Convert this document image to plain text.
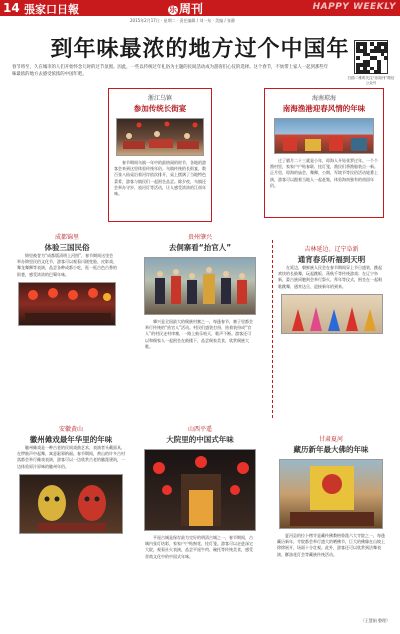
14 張家口日報	乐 周刊	HAPPY WEEKLY
2015年2月17日 · 星期二 · 责任编辑 / 刘一东 · 美编 / 张静
到年味最浓的地方过个中国年
春节将至，久在城市的人们开始怀念儿时的过节氛围。因此，一些以传统过年礼俗为主题的民间活动成为游客们心仪的选择。这个春节，不妨带上家人一起到那些年味最浓的地方去感受浓浓的中国年吧。
扫描二维码关注“乐周刊”微信公众号
浙江乌镇
参加传统长街宴
春节期间乌镇一年中的最热闹的时节，各地的游客会来到这里体验传统年俗。乌镇传统的长街宴，数百张八仙桌沿着河岸依次排开，桌上摆满了当地特色菜肴，游客与镇民们一起围坐品尝。除夕夜，乌镇还会举办守岁、放河灯等活动，让人感受浓浓的江南年味。
海南琼海
南海渔港迎春风情的年味
过了腊月二十三就是小年，琼海人开始张罗过年。一个个渔村里，家家户户贴春联、挂灯笼，渔民们将渔船装点一新。正月里，琼海的庙会、舞狮、公期、军坡节等民俗活动轮番上演，游客可以跟着当地人一起赶集，体验海南独有的南国年俗。
成都锦里
体验三国民俗
锦里被誉为“成都版清明上河图”，春节期间这里会举办锦里民俗文化节，游客可以观看川剧变脸、皮影戏、舞龙舞狮等表演，品尝各种成都小吃，逛一逛古色古香的街巷，感受浓浓的巴蜀年味。
贵州肇兴
去侗寨看“抬官人”
肇兴是全国最大的侗族村寨之一，每逢春节，寨子里都会举行传统的“抬官人”活动。村民们盛装打扮，抬着装扮成“官人”的村民走村串寨，一路上鼓乐喧天，歌声不断。游客还可以和侗家人一起围坐在鼓楼下，品尝侗家美食，欣赏侗族大歌。
吉林延边、辽宁阜新
通宵春乐听福到天明
在延边，朝鲜族人民会在春节期间穿上节日盛装，跳起欢快的长鼓舞，玩起跳板、荡秋千等传统游戏；在辽宁阜新，蒙古族同胞则会举行祭火、拜年等仪式，围坐在一起唱歌跳舞，通宵达旦，迎接新年的到来。
安徽黄山
徽州傩戏最年华里的年味
徽州傩戏是一种古老的民间戏曲艺术，表演者头戴面具，在锣鼓声中起舞，寓意驱邪纳福。春节期间，黄山的许多古村落都会举行傩戏表演，游客可以一边欣赏古老的徽派建筑，一边体验原汁原味的徽州年俗。
山西平遥
大院里的中国式年味
平遥古城是保存最为完好的明清古城之一，春节期间，古城内张灯结彩，家家户户贴窗花、挂灯笼。游客可以走进深宅大院，观看社火表演，品尝平遥牛肉、碗托等传统美食，感受晋商文化中的中国式年味。
甘肃夏河
藏历新年最大佛的年味
夏河县的拉卜楞寺是藏传佛教格鲁派六大寺院之一，每逢藏历新年，寺院都会举行盛大的晒佛节，巨大的佛像在山坡上徐徐展开，场面十分壮观。此外，游客还可以欣赏到法舞表演、酥油花灯会等藏族传统活动。
（王慧娟 整理）
